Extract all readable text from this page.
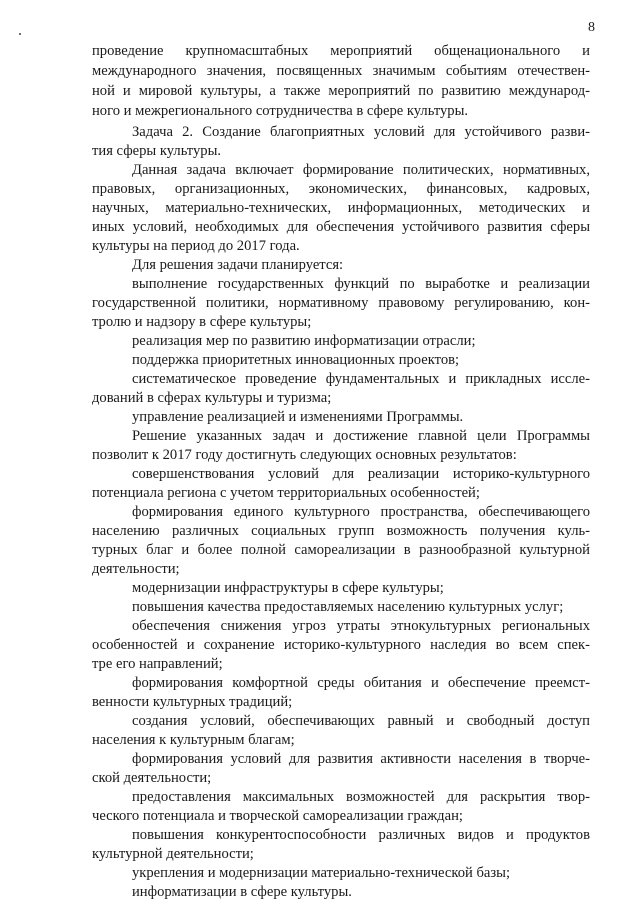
8
проведение крупномасштабных мероприятий общенационального и
международного значения, посвященных значимым событиям отечествен-
ной и мировой культуры, а также мероприятий по развитию международ-
ного и межрегионального сотрудничества в сфере культуры.
Задача 2. Создание благоприятных условий для устойчивого разви-
тия сферы культуры.
Данная задача включает формирование политических, нормативных,
правовых, организационных, экономических, финансовых, кадровых,
научных, материально-технических, информационных, методических и
иных условий, необходимых для обеспечения устойчивого развития сферы
культуры на период до 2017 года.
Для решения задачи планируется:
выполнение государственных функций по выработке и реализации
государственной политики, нормативному правовому регулированию, кон-
тролю и надзору в сфере культуры;
реализация мер по развитию информатизации отрасли;
поддержка приоритетных инновационных проектов;
систематическое проведение фундаментальных и прикладных иссле-
дований в сферах культуры и туризма;
управление реализацией и изменениями Программы.
Решение указанных задач и достижение главной цели Программы
позволит к 2017 году достигнуть следующих основных результатов:
совершенствования условий для реализации историко-культурного
потенциала региона с учетом территориальных особенностей;
формирования единого культурного пространства, обеспечивающего
населению различных социальных групп возможность получения куль-
турных благ и более полной самореализации в разнообразной культурной
деятельности;
модернизации инфраструктуры в сфере культуры;
повышения качества предоставляемых населению культурных услуг;
обеспечения снижения угроз утраты этнокультурных региональных
особенностей и сохранение историко-культурного наследия во всем спек-
тре его направлений;
формирования комфортной среды обитания и обеспечение преемст-
венности культурных традиций;
создания условий, обеспечивающих равный и свободный доступ
населения к культурным благам;
формирования условий для развития активности населения в творче-
ской деятельности;
предоставления максимальных возможностей для раскрытия твор-
ческого потенциала и творческой самореализации граждан;
повышения конкурентоспособности различных видов и продуктов
культурной деятельности;
укрепления и модернизации материально-технической базы;
информатизации в сфере культуры.
